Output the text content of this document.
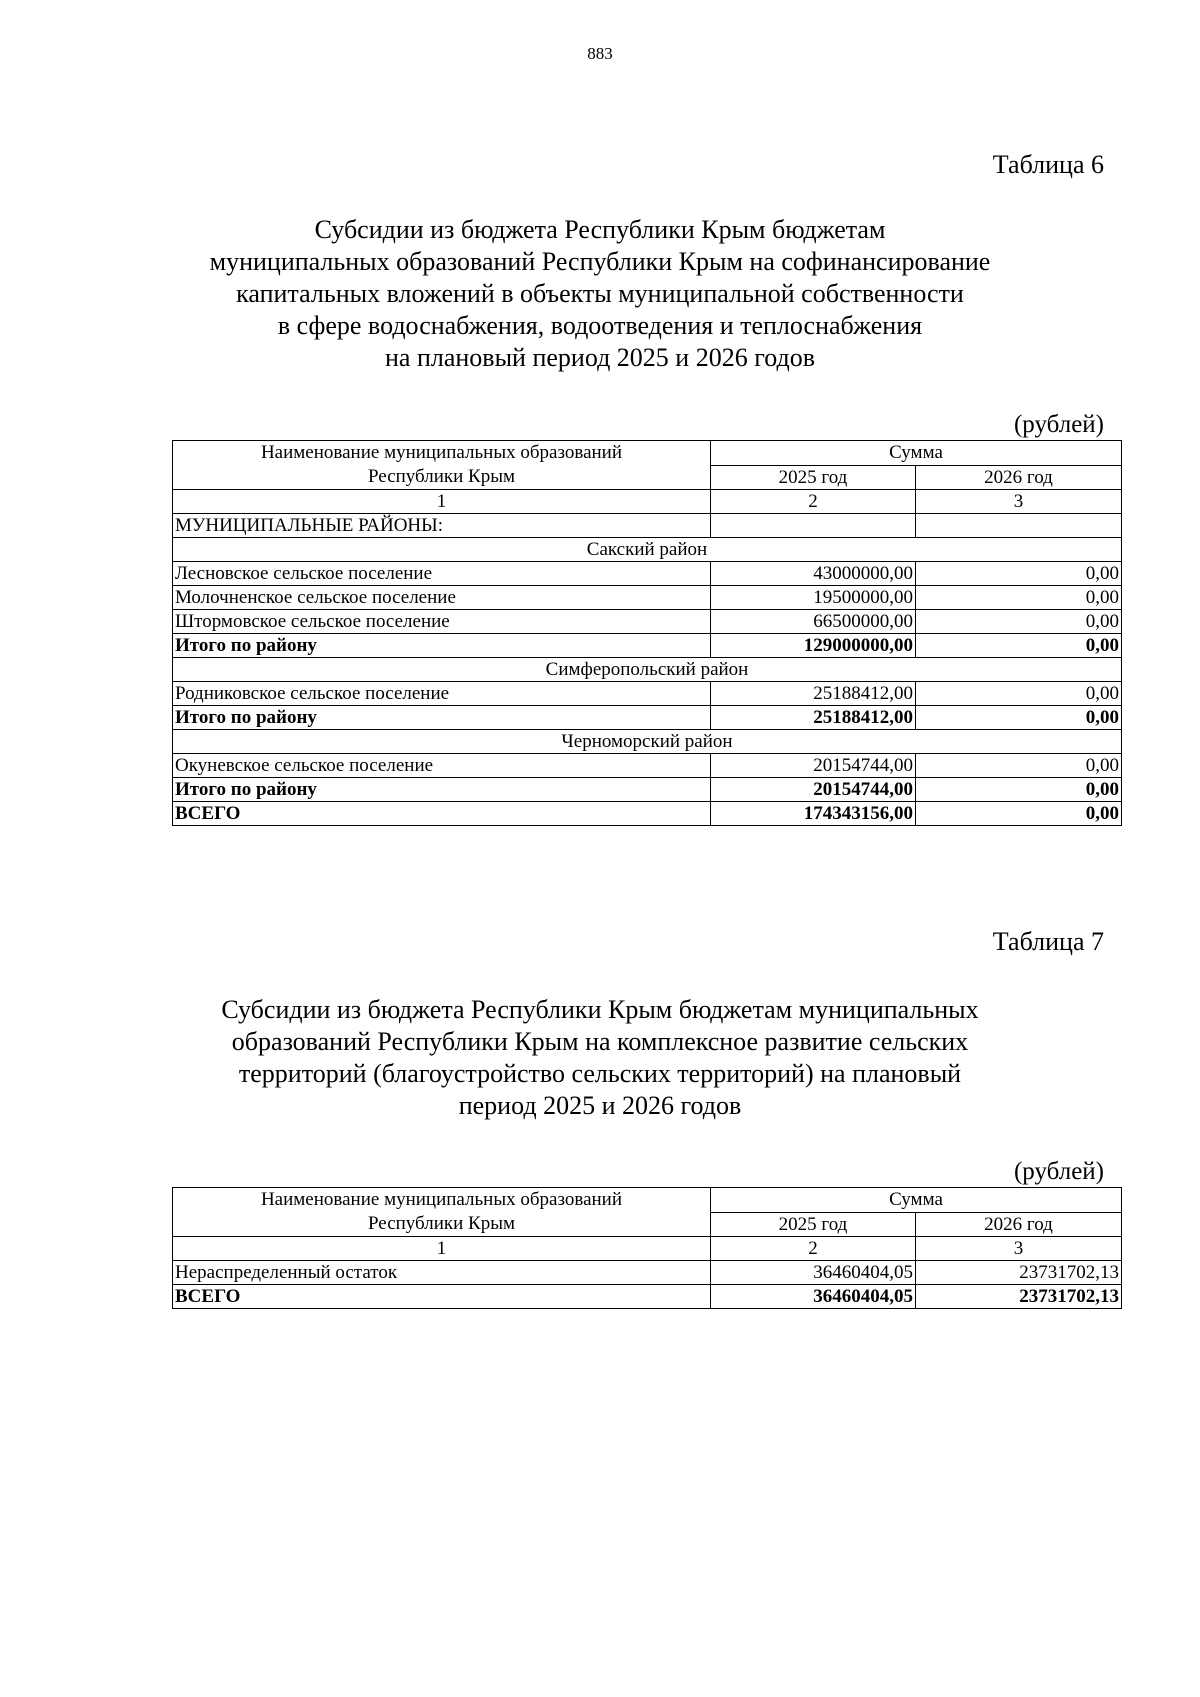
883
Таблица 6
Субсидии из бюджета Республики Крым бюджетам
муниципальных образований Республики Крым на софинансирование
капитальных вложений в объекты муниципальной собственности
в сфере водоснабжения, водоотведения и теплоснабжения
на плановый период 2025 и 2026 годов
(рублей)
Наименование муниципальных образований
Республики Крым	Сумма	
	2025 год	2026 год
1	2	3
МУНИЦИПАЛЬНЫЕ РАЙОНЫ:		
Сакский район		
Лесновское сельское поселение	43000000,00	0,00
Молочненское сельское поселение	19500000,00	0,00
Штормовское сельское поселение	66500000,00	0,00
Итого по району	129000000,00	0,00
Симферопольский район		
Родниковское сельское поселение	25188412,00	0,00
Итого по району	25188412,00	0,00
Черноморский район		
Окуневское сельское поселение	20154744,00	0,00
Итого по району	20154744,00	0,00
ВСЕГО	174343156,00	0,00
Таблица 7
Субсидии из бюджета Республики Крым бюджетам муниципальных
образований Республики Крым на комплексное развитие сельских
территорий (благоустройство сельских территорий) на плановый
период 2025 и 2026 годов
(рублей)
Наименование муниципальных образований
Республики Крым	Сумма	
	2025 год	2026 год
1	2	3
Нераспределенный остаток	36460404,05	23731702,13
ВСЕГО	36460404,05	23731702,13
